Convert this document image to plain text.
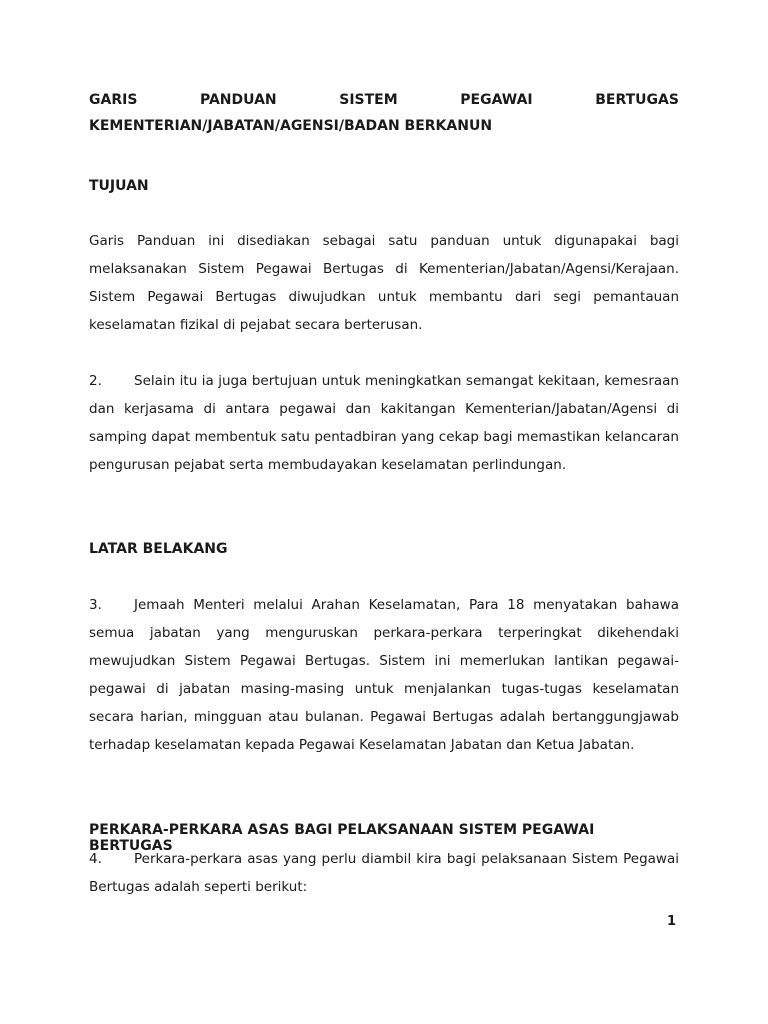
GARIS	PANDUAN	SISTEM	PEGAWAI	BERTUGAS
KEMENTERIAN/JABATAN/AGENSI/BADAN BERKANUN
TUJUAN

Garis Panduan ini disediakan sebagai satu panduan untuk digunapakai bagi melaksanakan Sistem Pegawai Bertugas di Kementerian/Jabatan/Agensi/Kerajaan. Sistem Pegawai Bertugas diwujudkan untuk membantu dari segi pemantauan keselamatan fizikal di pejabat secara berterusan.

2. Selain itu ia juga bertujuan untuk meningkatkan semangat kekitaan, kemesraan dan kerjasama di antara pegawai dan kakitangan Kementerian/Jabatan/Agensi di samping dapat membentuk satu pentadbiran yang cekap bagi memastikan kelancaran pengurusan pejabat serta membudayakan keselamatan perlindungan.

LATAR BELAKANG

3. Jemaah Menteri melalui Arahan Keselamatan, Para 18 menyatakan bahawa semua jabatan yang menguruskan perkara-perkara terperingkat dikehendaki mewujudkan Sistem Pegawai Bertugas. Sistem ini memerlukan lantikan pegawai-pegawai di jabatan masing-masing untuk menjalankan tugas-tugas keselamatan secara harian, mingguan atau bulanan. Pegawai Bertugas adalah bertanggungjawab terhadap keselamatan kepada Pegawai Keselamatan Jabatan dan Ketua Jabatan.

PERKARA-PERKARA ASAS BAGI PELAKSANAAN SISTEM PEGAWAI BERTUGAS

4. Perkara-perkara asas yang perlu diambil kira bagi pelaksanaan Sistem Pegawai Bertugas adalah seperti berikut:

1
